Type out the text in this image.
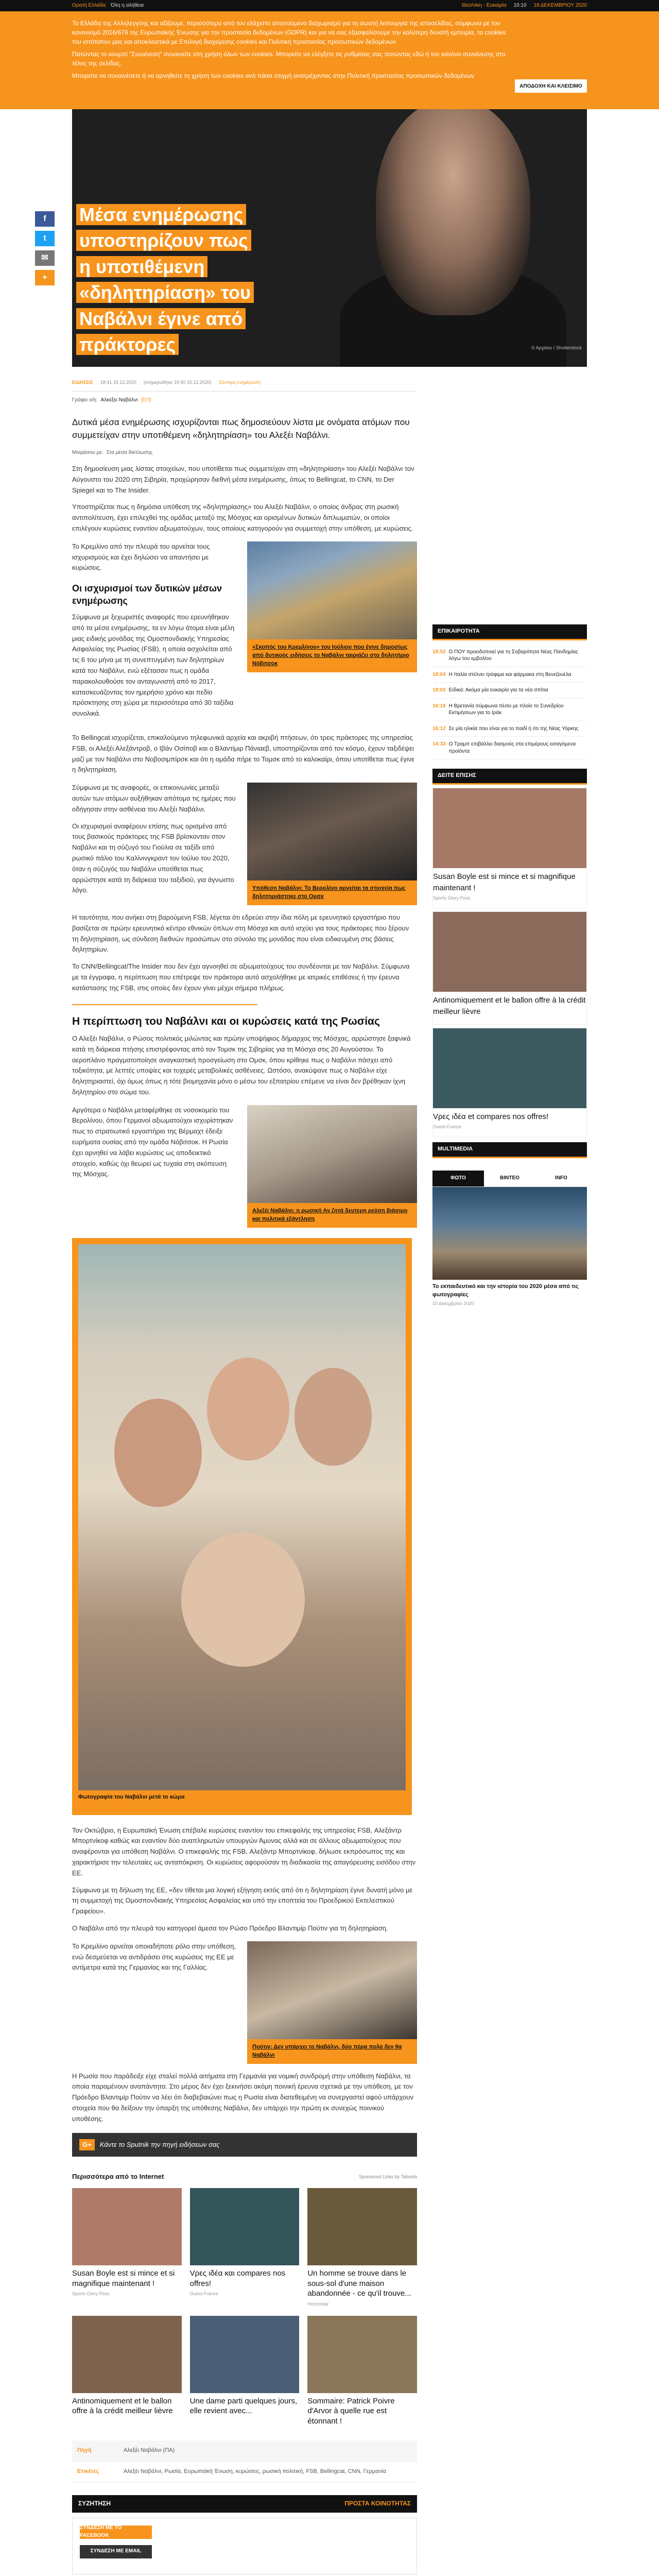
Ορατή Ελλάδα Όλη η αλήθεια	Θεσ/νίκη - Ευκαιρία 10:10 18 ΔΕΚΕΜΒΡΙΟΥ 2020

Το Ελλάδα της Αλληλεγγύης και αξίζουμε, περισσότερο από τον ελάχιστο απαιτούμενο διαχωρισμό για τη σωστή λειτουργία της ιστοσελίδας, σύμφωνα με τον κανονισμό 2016/679 της Ευρωπαϊκής Ένωσης για την προστασία δεδομένων (GDPR) και για να σας εξασφαλίσουμε την καλύτερη δυνατή εμπειρία, τα cookies του ιστότοπου μας και αποκλειστικά με Επιλογή διαχείρισης cookies και Πολιτική προστασίας προσωπικών δεδομένων

Πατώντας το κουμπί "Συναίνεση" συναινείτε στη χρήση όλων των cookies. Μπορείτε να ελέγξετε τις ρυθμίσεις σας πατώντας εδώ ή τον κανόνα συναίνεσης στο τέλος της σελίδας.

Μπορείτε να συναινέσετε ή να αρνηθείτε τη χρήση των cookies ανά πάσα στιγμή ανατρέχοντας στην Πολιτική προστασίας προσωπικών δεδομένων

ΑΠΟΔΟΧΗ ΚΑΙ ΚΛΕΙΣΙΜΟ
Μέσα ενημέρωσης υποστηρίζουν πως η υποτιθέμενη «δηλητηρίαση» του Ναβάλνι έγινε από πράκτορες	© Αρχείου / Shutterstock
f
t
✉
+
ΕΙΔΗΣΕΙΣ 18:41 15.12.2020 (ενημερώθηκε 19:40 15.12.2020) Σύντομη ενημέρωση
Γράφει ο/η: Αλκέξει Ναβάλνι (ΕΠ)
Δυτικά μέσα ενημέρωσης ισχυρίζονται πως δημοσιεύουν λίστα με ονόματα ατόμων που συμμετείχαν στην υποτιθέμενη «δηλητηρίαση» του Αλεξέι Ναβάλνι.
Μοιράσου με: Στα μέσα δικτύωσης

Στη δημοσίευση μιας λίστας στοιχείων, που υποτίθεται πως συμμετείχαν στη «δηλητηρίαση» του Αλεξέι Ναβάλνι τον Αύγουστο του 2020 στη Σιβηρία, προχώρησαν διεθνή μέσα ενημέρωσης, όπως το Bellingcat, το CNN, το Der Spiegel και το The Insider.

Υποστηρίζεται πως η δημόσια υπόθεση της «δηλητηρίασης» του Αλεξέι Ναβάλνι, ο οποίος άνδρας στη ρωσική αντιπολίτευση, έχει επιλεχθεί της ομάδας μεταξύ της Μόσχας και ορισμένων δυτικών διπλωματών, οι οποίοι επιλέγουν κυρώσεις εναντίον αξιωματούχων, τους οποίους κατηγορούν για συμμετοχή στην υπόθεση, με κυρώσεις.

Το Κρεμλίνο από την πλευρά του αρνείται τους ισχυρισμούς και έχει δηλώσει να απαντήσει με κυρώσεις.

Οι ισχυρισμοί των δυτικών μέσων ενημέρωσης

Σύμφωνα με ξεχωριστές αναφορές που ερευνήθηκαν από τα μέσα ενημέρωσης, τα εν λόγω άτομα είναι μέλη μιας ειδικής μονάδας της Ομοσπονδιακής Υπηρεσίας Ασφαλείας της Ρωσίας (FSB), η οποία ασχολείται από τις 6 του μήνα με τη συνεπτυγμένη των δηλητηρίων κατά του Ναβάλνι, ενώ εξέτασαν πως η ομάδα παρακολουθούσε τον ανταγωνιστή από το 2017, κατασκευάζοντας τον ημερήσιο χρόνο και πεδίο πρόσκτησης στη χώρα με περισσότερα από 30 ταξίδια συνολικά.

«Σκοπός του Κρεμλίνου» του Ιούλιου που έγινε δημοσίως από δυτικούς ειδήσεις το Ναβάλνι ταιριάζει στο δηλητήριο Νόβιτσοκ

Το Bellingcat ισχυρίζεται, επικαλούμενο τηλεφωνικά αρχεία και ακριβή πτήσεων, ότι τρεις πράκτορες της υπηρεσίας FSB, οι Αλεξέι Αλεξάντροβ, ο Ιβάν Οσίποβ και ο Βλαντίμιρ Πάνιαεβ, υποστηρίζονται από τον κόσμο, έχουν ταξιδέψει μαζί με τον Ναβάλνι στο Νοβοσιμπίρσκ και ότι η ομάδα πήρε το Τομσκ από το καλοκαίρι, όπου υποτίθεται πως έγινε η δηλητηρίαση.

Σύμφωνα με τις αναφορές, οι επικοινωνίες μεταξύ αυτών των ατόμων αυξήθηκαν απότομα τις ημέρες που οδήγησαν στην ασθένεια του Αλεξέι Ναβάλνι.

Οι ισχυρισμοί αναφέρουν επίσης πως ορισμένα από τους βασικούς πράκτορες της FSB βρίσκονταν στον Ναβάλνι και τη σύζυγό του Γιούλια σε ταξίδι από ρωσικό πάλιο του Καλίνινγκραντ τον Ιούλιο του 2020, όταν η σύζυγός του Ναβάλνι υποτίθεται πως αρρώστησε κατά τη διάρκεια του ταξιδιού, για άγνωστο λόγο.	Υπόθεση Ναβάλνι: Το Βερολίνο αρνείται τα στοιχεία πως δηλητηριάστηκε στο Ομσκ

Η ταυτότητα, που ανήκει στη βαρούμενη FSB, λέγεται ότι εδρεύει στην ίδια πόλη με ερευνητικό εργαστήριο που βασίζεται σε πρώην ερευνητικό κέντρο εθνικών όπλων στη Μόσχα και αυτό ισχύει για τους πράκτορες που ξέρουν τη δηλητηρίαση, ως σύνδεση διεθνών προσώπων στο σύνολο της μονάδας που είναι ειδικευμένη στις βάσεις δηλητηρίων.

Το CNN/Bellingcat/The Insider που δεν έχει αγνοηθεί σε αξιωματούχους του συνδέονται με τον Ναβάλνι. Σύμφωνα με τα έγγραφα, η περίπτωση που επέτρεψε τον πράκτορα αυτό ασχολήθηκε με ιατρικές επιθέσεις ή την έρευνα κατάστασης της FSB, στις οποίες δεν έχουν γίνει μέχρι σήμερα πλήρως.

Η περίπτωση του Ναβάλνι και οι κυρώσεις κατά της Ρωσίας

Ο Αλεξέι Ναβάλνι, ο Ρώσος πολιτικός μιλώντας και πρώην υποψήφιος δήμαρχος της Μόσχας, αρρώστησε ξαφνικά κατά τη διάρκεια πτήσης επιστρέφοντας από τον Τομσκ της Σιβηρίας για τη Μόσχα στις 20 Αυγούστου. Το αεροπλάνο πραγματοποίησε αναγκαστική προσγείωση στο Ομσκ, όπου κρίθηκε πως ο Ναβάλνι πάσχει από τοξικότητα, με λεπτές υποψίες και τυχερές μεταβολικές ασθένειες. Ωστόσο, ανακύψανε πως ο Ναβάλνι είχε δηλητηριαστεί, όχι όμως όπως η τότε βιομηχανία μόνο ο μέσω του εξπατρίου επέμενε να είναι δεν βρέθηκαν ίχνη δηλητηρίου στο σώμα του.

Αργότερα ο Ναβάλνι μεταφέρθηκε σε νοσοκομείο του Βερολίνου, όπου Γερμανοί αξιωματούχοι ισχυρίστηκαν πως το στρατιωτικό εργαστήριο της Βέρμαχτ έδειξε ευρήματα ουσίας από την ομάδα Νόβιτσοκ. Η Ρωσία έχει αρνηθεί να λάβει κυρώσεις ως αποδεικτικό στοιχείο, καθώς όχι θεωρεί ως τυχαία στη σκόπευση της Μόσχας.

Αλεξέι Ναβάλνι: η ρωσική Αν ζητά δευτερη ρεύση βιάσιμο και πολιτικά εξάντληση
Φωτογραφία του Ναβάλνι μετά το κώμα

Τον Οκτώβριο, η Ευρωπαϊκή Ένωση επέβαλε κυρώσεις εναντίον του επικεφαλής της υπηρεσίας FSB, Αλεξάντρ Μπορτνίκοφ καθώς και εναντίον δύο αναπληρωτών υπουργών Άμυνας αλλά και σε άλλους αξιωματούχους που αναφέρονται για υπόθεση Ναβάλνι. Ο επικεφαλής της FSB, Αλεξάντρ Μπορτνίκοφ, δήλωσε εκπρόσωπος της και χαρακτήρισε την τελευταίες ως ανταπόκριση. Οι κυρώσεις αφορούσαν τη διαδικασία της απαγόρευσης εισόδου στην ΕΕ.

Σύμφωνα με τη δήλωση της ΕΕ, «δεν τίθεται μια λογική εξήγηση εκτός από ότι η δηλητηρίαση έγινε δυνατή μόνο με τη συμμετοχή της Ομοσπονδιακής Υπηρεσίας Ασφαλείας και υπό την εποπτεία του Προεδρικού Εκτελεστικού Γραφείου».

Ο Ναβάλνι από την πλευρά του κατηγορεί άμεσα τον Ρώσο Πρόεδρο Βλαντιμίρ Πούτιν για τη δηλητηρίαση.

Το Κρεμλίνο αρνείται οποιαδήποτε ρόλο στην υπόθεση, ενώ δεσμεύεται να αντιδράσει στις κυρώσεις της ΕΕ με αντίμετρα κατά της Γερμανίας και της Γαλλίας.

Πούτιν: Δεν υπάρχει το Ναβάλνι, δύο πέρα πολύ δεν θα Ναβάλνι

Η Ρωσία που παράδειξε είχε σταλεί πολλά αιτήματα στη Γερμανία για νομική συνδρομή στην υπόθεση Ναβάλνι, τα οποία παραμένουν αναπάντητα. Στο μέρος δεν έχει ξεκινήσει ακόμη ποινική έρευνα σχετικά με την υπόθεση, με τον Πρόεδρο Βλαντιμίρ Πούτιν να λέει ότι διαβεβαιώνει πως η Ρωσία είναι διατεθειμένη να συνεργαστεί αφού υπάρχουν στοιχεία που θα δείξουν την ύπαρξη της υπόθεσης Ναβάλνι, δεν υπάρχει την πρώτη εκ συνεχώς ποινικού υποθέσης.

G+	Κάντε το Sputnik την πηγή ειδήσεων σας
Περισσότερα από το Internet	Sponsored Links by Taboola
Susan Boyle est si mince et si magnifique maintenant !
Sports Glory Poss
Vρες ιδέα και compares nos offres!
Ouest-France
Un homme se trouve dans le sous-sol d'une maison abandonnée - ce qu'il trouve...
Horizontal
Antinomiquement et le ballon offre à la crédit meilleur lièvre
Une dame parti quelques jours, elle revient avec...
Sommaire: Patrick Poivre d'Arvor à quelle rue est étonnant !
Πηγή	Αλεξέι Ναβάλνι (ΠΑ)
Ετικέτες	Αλεξέι Ναβάλνι, Ρωσία, Ευρωπαϊκή Ένωση, κυρώσεις, ρωσική πολιτική, FSB, Bellingcat, CNN, Γερμανία
ΣΥΖΗΤΗΣΗ	ΠΡΟΣΤΑ ΚΟΙΝΟΤΗΤΑΣ
ΣΥΝΔΕΣΗ ΜΕ ΤΟ FACEBOOK
ΣΥΝΔΕΣΗ ΜΕ EMAIL
ΕΠΙΚΑΙΡΟΤΗΤΑ
18:52 Ο ΠΟΥ προειδοποιεί για τη Σοβαρότητα Νέας Πανδημίας λόγω του εμβολίου
18:04 Η Ιταλία στέλνει τρόφιμα και φάρμακα στη Βενεζουέλα
18:03 Ειδικά: Ακόμα μία ευκαιρία για τα νέα σπίτια
16:18 Η Βρετανία σύμφωνα πέσει με πλοίο το Συνεδρίου Εκτιμήσεων για το Ιράκ
16:12 Σε μία ηλικία που είναι για το παιδί ή ότι της Νέας Υόρκης
14:33 Ο Τραμπ επιβάλλει δασμούς στα επιμέρους εισαγόμενα προϊόντα
ΔΕΙΤΕ ΕΠΙΣΗΣ
Susan Boyle est si mince et si magnifique maintenant !
Sports Glory Poss
Antinomiquement et le ballon offre à la crédit meilleur lièvre
Vρες ιδέα et compares nos offres!
Ouest-France
MULTIMEDIA
ΦΩΤΟ	ΒΙΝΤΕΟ	INFO
Το εκπαιδευτικό και την ιστορία του 2020 μέσα από τις φωτογραφίες
10 Δεκεμβρίου 2020
